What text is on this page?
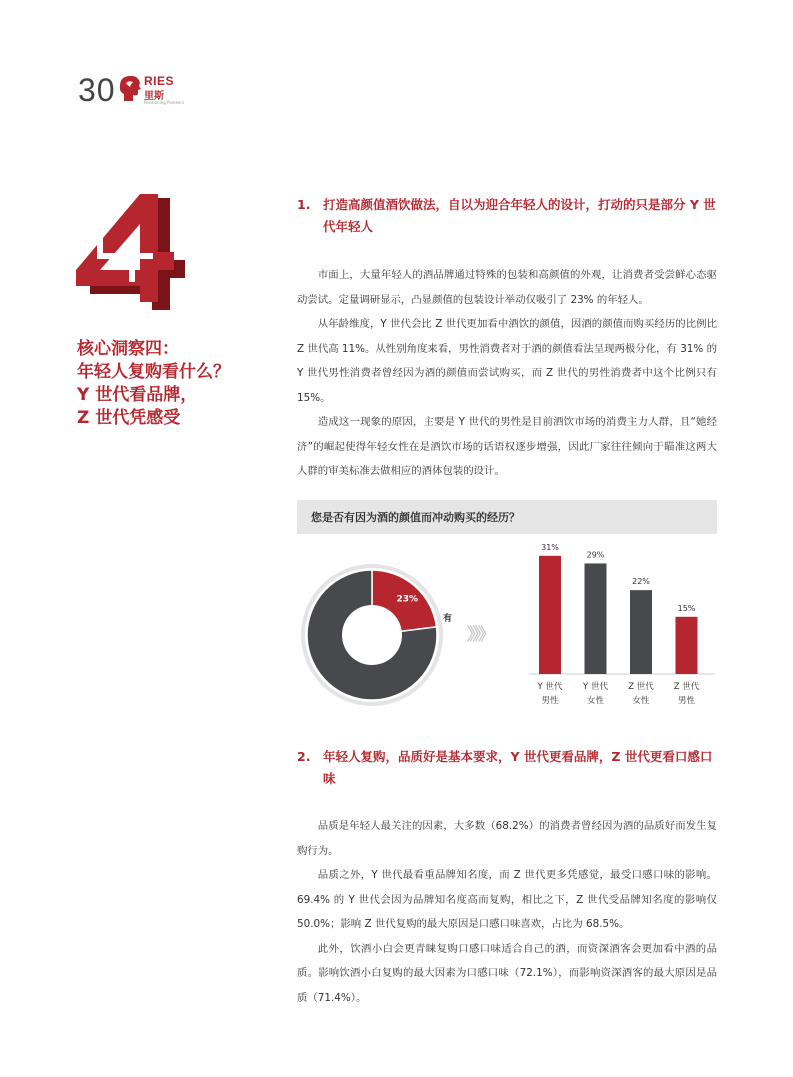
30 RIES
里斯
Positioning Pioneers
4
核心洞察四：
年轻人复购看什么？
Y 世代看品牌，
Z 世代凭感受
1. 打造高颜值酒饮做法，自以为迎合年轻人的设计，打动的只是部分 Y 世代年轻人

市面上，大量年轻人的酒品牌通过特殊的包装和高颜值的外观，让消费者受尝鲜心态驱动尝试。定量调研显示，凸显颜值的包装设计举动仅吸引了 23% 的年轻人。

从年龄维度，Y 世代会比 Z 世代更加看中酒饮的颜值，因酒的颜值而购买经历的比例比 Z 世代高 11%。从性别角度来看，男性消费者对于酒的颜值看法呈现两极分化，有 31% 的 Y 世代男性消费者曾经因为酒的颜值而尝试购买，而 Z 世代的男性消费者中这个比例只有 15%。

造成这一现象的原因，主要是 Y 世代的男性是目前酒饮市场的消费主力人群，且“她经济”的崛起使得年轻女性在是酒饮市场的话语权逐步增强，因此厂家往往倾向于瞄准这两大人群的审美标准去做相应的酒体包装的设计。

您是否有因为酒的颜值而冲动购买的经历？
23%
有
》》》
31%
Y 世代
男性
29%
Y 世代
女性
22%
Z 世代
女性
15%
Z 世代
男性
2. 年轻人复购，品质好是基本要求，Y 世代更看品牌，Z 世代更看口感口味

品质是年轻人最关注的因素，大多数（68.2%）的消费者曾经因为酒的品质好而发生复购行为。

品质之外，Y 世代最看重品牌知名度，而 Z 世代更多凭感觉，最受口感口味的影响。69.4% 的 Y 世代会因为品牌知名度高而复购，相比之下，Z 世代受品牌知名度的影响仅 50.0%；影响 Z 世代复购的最大原因是口感口味喜欢，占比为 68.5%。

此外，饮酒小白会更青睐复购口感口味适合自己的酒，而资深酒客会更加看中酒的品质。影响饮酒小白复购的最大因素为口感口味（72.1%），而影响资深酒客的最大原因是品质（71.4%）。
